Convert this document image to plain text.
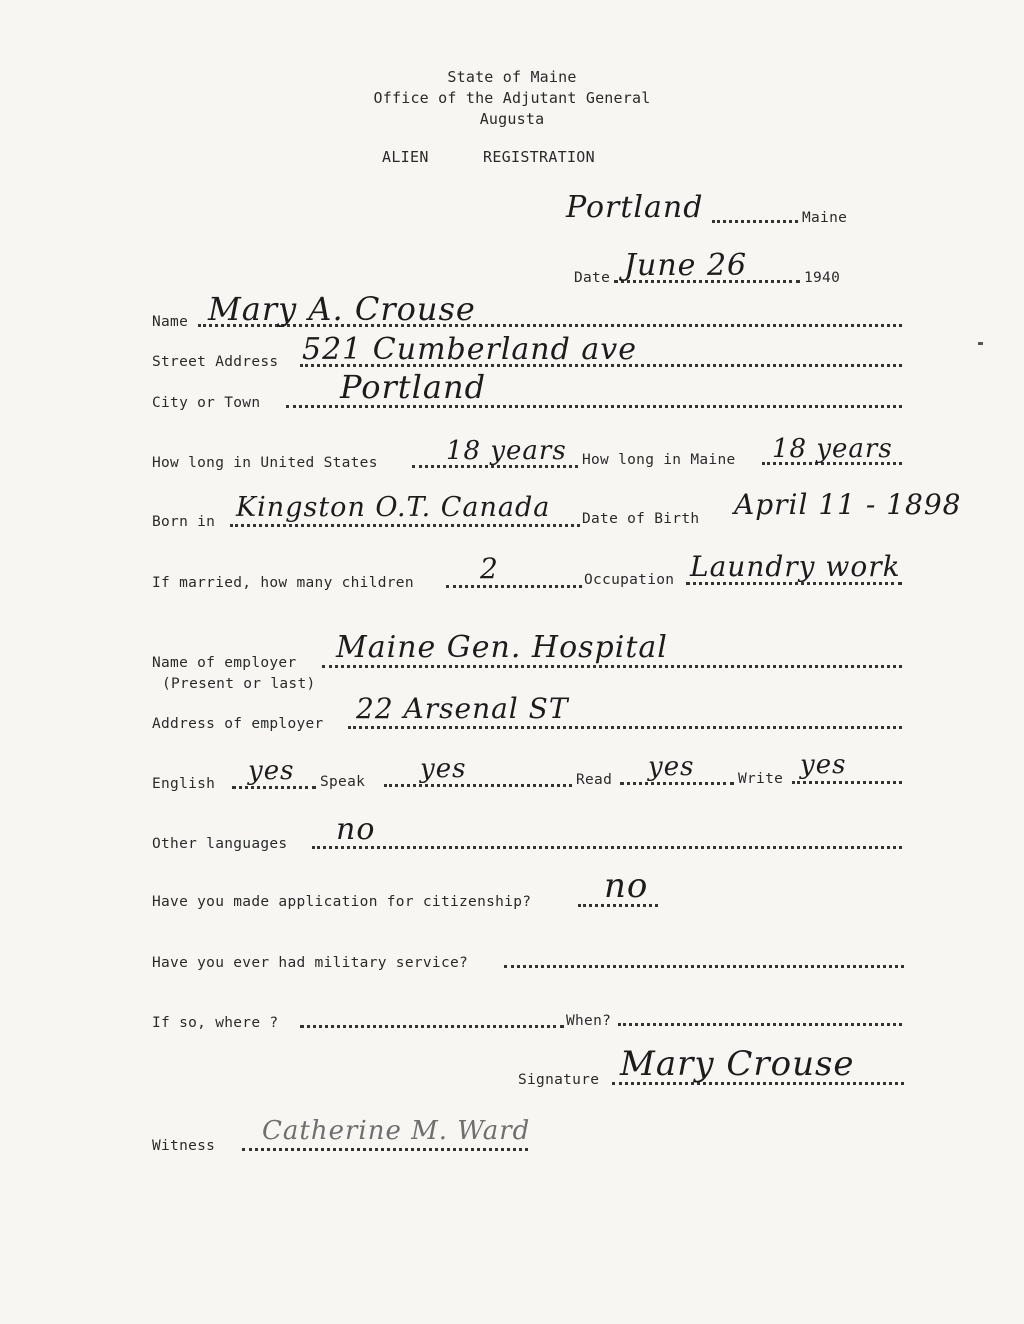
State of Maine
Office of the Adjutant General
Augusta
ALIEN	REGISTRATION
Portland	Maine
Date June 26	1940
Name Mary A. Crouse
Street Address 521 Cumberland ave
City or Town Portland
How long in United States	18 years How long in Maine 18 years
Born in Kingston O.T. Canada Date of Birth April 11 - 1898
If married, how many children 2	Occupation Laundry work
Name of employer
(Present or last)
Maine Gen. Hospital
Address of employer 22 Arsenal ST
English yes Speak yes	Read yes	Write yes
Other languages no
Have you made application for citizenship? no
Have you ever had military service?
If so, where ?	When?
Signature Mary Crouse
Witness Catherine M. Ward
